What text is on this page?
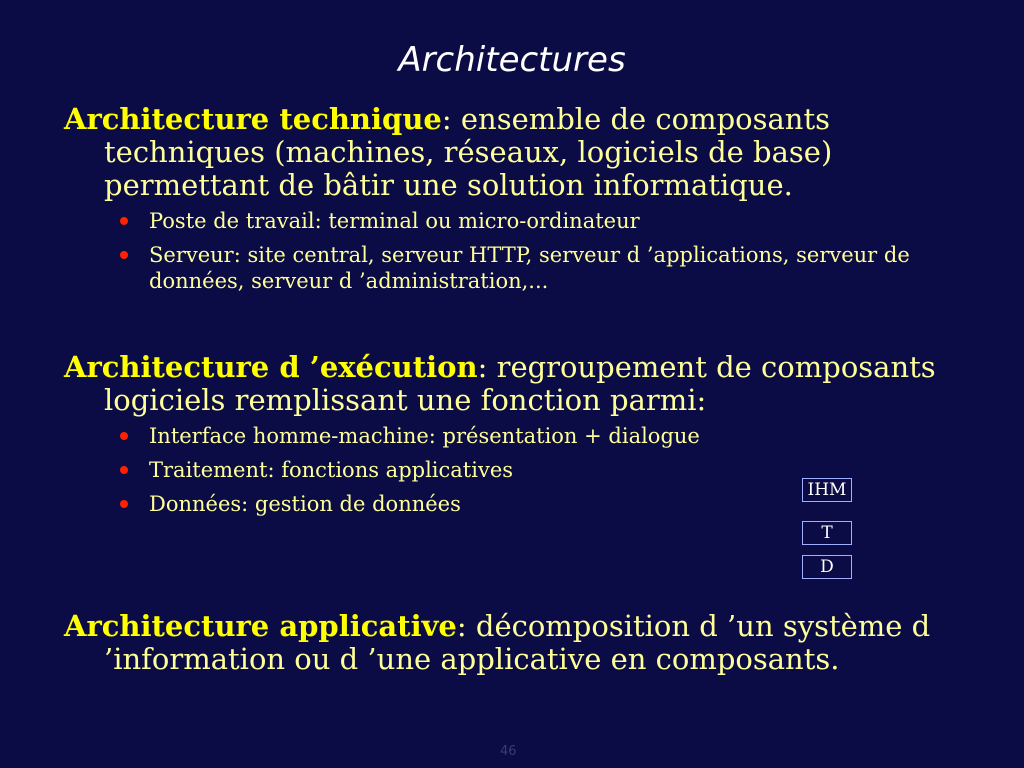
Architectures
Architecture technique: ensemble de composants techniques (machines, réseaux, logiciels de base) permettant de bâtir une solution informatique.
Poste de travail: terminal ou micro-ordinateur
Serveur: site central, serveur HTTP, serveur d ’applications, serveur de données, serveur d ’administration,...
Architecture d ’exécution: regroupement de composants logiciels remplissant une fonction parmi:
Interface homme-machine: présentation + dialogue
Traitement: fonctions applicatives
Données: gestion de données
IHM
T
D
Architecture applicative: décomposition d ’un système d ’information ou d ’une applicative en composants.
46
